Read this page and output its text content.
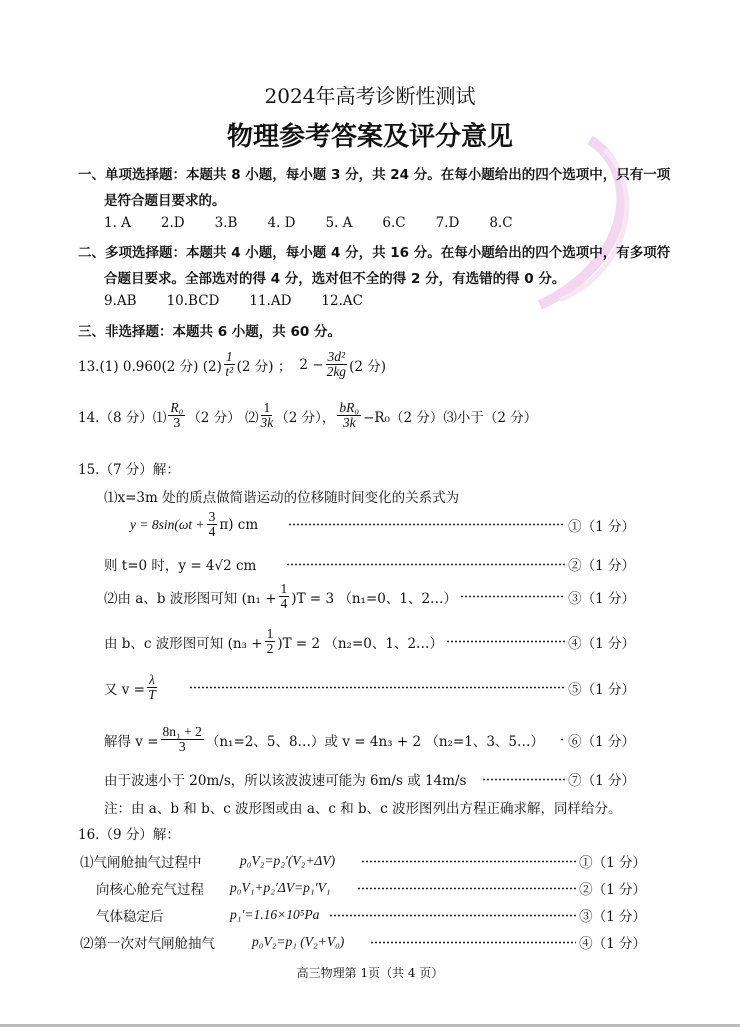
2024年高考诊断性测试
物理参考答案及评分意见
一、单项选择题：本题共 8 小题，每小题 3 分，共 24 分。在每小题给出的四个选项中，只有一项
是符合题目要求的。
1. A 2.D 3.B 4. D 5. A 6.C 7.D 8.C
二、多项选择题：本题共 4 小题，每小题 4 分，共 16 分。在每小题给出的四个选项中，有多项符
合题目要求。全部选对的得 4 分，选对但不全的得 2 分，有选错的得 0 分。
9.AB 10.BCD 11.AD 12.AC
三、非选择题：本题共 6 小题，共 60 分。
13.(1) 0.960(2 分) $(2) \frac{1}{\text{t²}} (2$ 分) ； $2 - \frac{\text{3d²}}{2kg} (2$ 分)
14.（8 分）⑴ $\frac{\text{R₀}}{3} (2$ 分） ⑵ $\frac{1}{3k} (2$ 分）， $\frac{\text{bR₀}}{3k} -R_0(2$ 分）⑶小于（2 分）
15.（7 分）解：
⑴x=3m 处的质点做简谐运动的位移随时间变化的关系式为
$y = 8\sin(\omega t + \frac{3}{4} \pi)$ cm	①（1 分）
则 t=0 时，y = 4√2 cm	②（1 分）
⑵由 a、b 波形图可知 $(n_1 + \frac{1}{4} )T = 3$ （n₁=0、1、2…）	③（1 分）
由 b、c 波形图可知 $(n_3 + \frac{1}{2} )T = 2$ （n₂=0、1、2…）	④（1 分）
又 $v = \frac{\lambda}{T}$	⑤（1 分）
解得 $v = \frac{\text{8n₁ + 2}}{3} (n_1=2$、5、8…）或 v = 4n₃ + 2 （n₂=1、3、5…） ⑥（1 分）
由于波速小于 20m/s，所以该波波速可能为 6m/s 或 14m/s	⑦（1 分）
注：由 a、b 和 b、c 波形图或由 a、c 和 b、c 波形图列出方程正确求解，同样给分。
16.（9 分）解：
⑴气闸舱抽气过程中	p₀V₂=p₂′(V₂+ΔV)	①（1 分）
向核心舱充气过程	p₀V₁+p₂′ΔV=p₁′V₁	②（1 分）
气体稳定后	p₁′=1.16×10⁵Pa	③（1 分）
⑵第一次对气闸舱抽气	p₀V₂=p₁ (V₂+V₀)	④（1 分）
高三物理第 1页（共 4 页）
